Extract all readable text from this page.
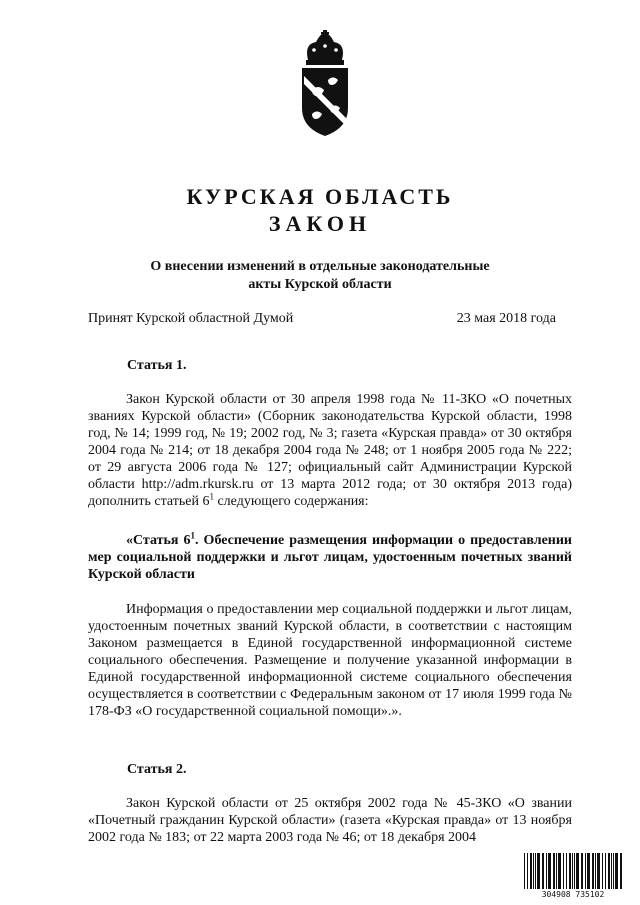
КУРСКАЯ ОБЛАСТЬ
ЗАКОН
О внесении изменений в отдельные законодательные
акты Курской области
Принят Курской областной Думой	23 мая 2018 года
Статья 1.

Закон Курской области от 30 апреля 1998 года № 11-ЗКО «О почетных званиях Курской области» (Сборник законодательства Курской области, 1998 год, № 14; 1999 год, № 19; 2002 год, № 3; газета «Курская правда» от 30 октября 2004 года № 214; от 18 декабря 2004 года № 248; от 1 ноября 2005 года № 222; от 29 августа 2006 года № 127; официальный сайт Администрации Курской области http://adm.rkursk.ru от 13 марта 2012 года; от 30 октября 2013 года) дополнить статьей $6^1$ следующего содержания:

«Статья $6^1$. Обеспечение размещения информации о предоставлении мер социальной поддержки и льгот лицам, удостоенным почетных званий Курской области

Информация о предоставлении мер социальной поддержки и льгот лицам, удостоенным почетных званий Курской области, в соответствии с настоящим Законом размещается в Единой государственной информационной системе социального обеспечения. Размещение и получение указанной информации в Единой государственной информационной системе социального обеспечения осуществляется в соответствии с Федеральным законом от 17 июля 1999 года № 178-ФЗ «О государственной социальной помощи».».

Статья 2.

Закон Курской области от 25 октября 2002 года № 45-ЗКО «О звании «Почетный гражданин Курской области» (газета «Курская правда» от 13 ноября 2002 года № 183; от 22 марта 2003 года № 46; от 18 декабря 2004

304908 735102
